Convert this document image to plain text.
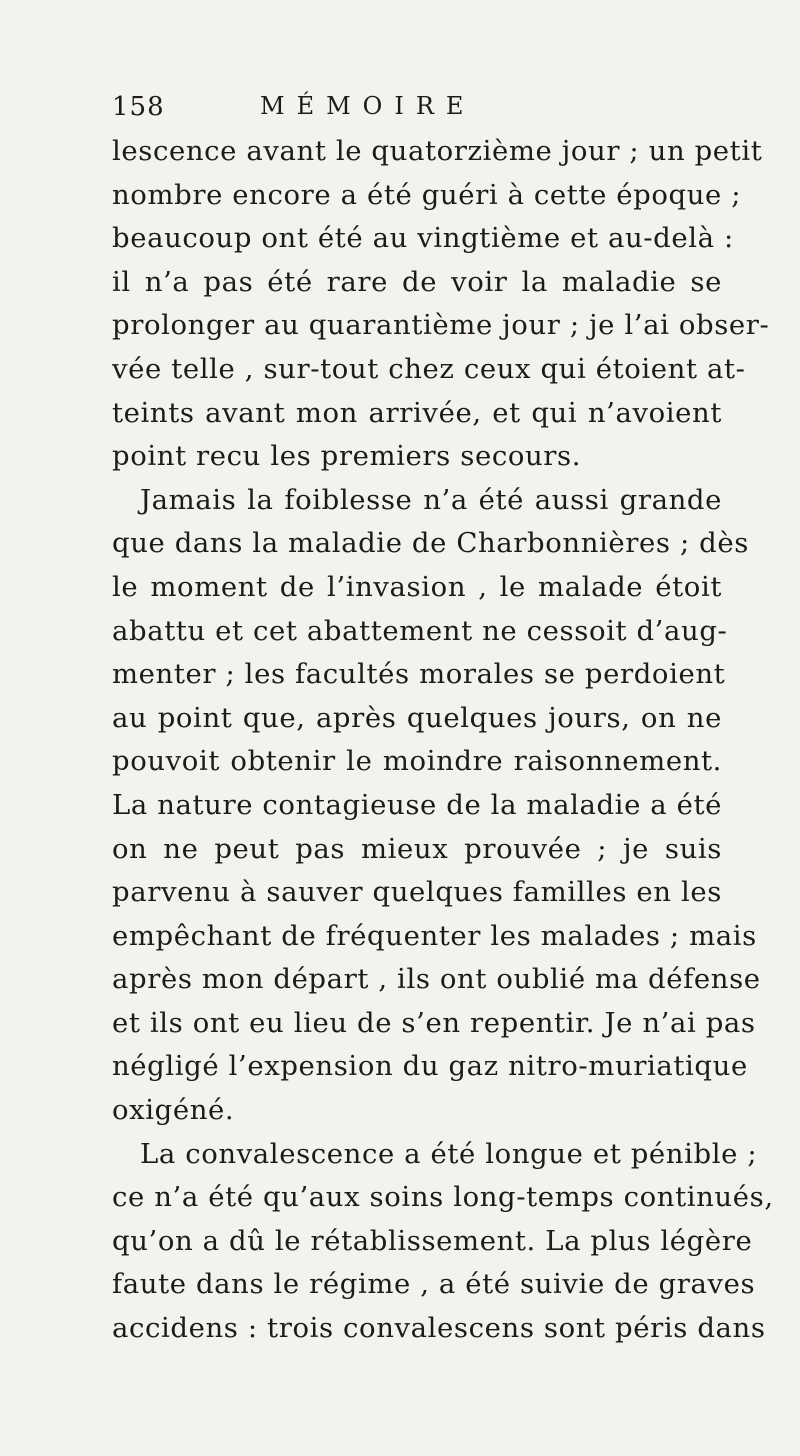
158	MÉMOIRE
lescence avant le quatorzième jour ; un petit
nombre encore a été guéri à cette époque ;
beaucoup ont été au vingtième et au-delà :
il n’a pas été rare de voir la maladie se
prolonger au quarantième jour ; je l’ai obser-
vée telle , sur-tout chez ceux qui étoient at-
teints avant mon arrivée, et qui n’avoient
point recu les premiers secours.
Jamais la foiblesse n’a été aussi grande
que dans la maladie de Charbonnières ; dès
le moment de l’invasion , le malade étoit
abattu et cet abattement ne cessoit d’aug-
menter ; les facultés morales se perdoient
au point que, après quelques jours, on ne
pouvoit obtenir le moindre raisonnement.
La nature contagieuse de la maladie a été
on ne peut pas mieux prouvée ; je suis
parvenu à sauver quelques familles en les
empêchant de fréquenter les malades ; mais
après mon départ , ils ont oublié ma défense
et ils ont eu lieu de s’en repentir. Je n’ai pas
négligé l’expension du gaz nitro-muriatique
oxigéné.
La convalescence a été longue et pénible ;
ce n’a été qu’aux soins long-temps continués,
qu’on a dû le rétablissement. La plus légère
faute dans le régime , a été suivie de graves
accidens : trois convalescens sont péris dans
